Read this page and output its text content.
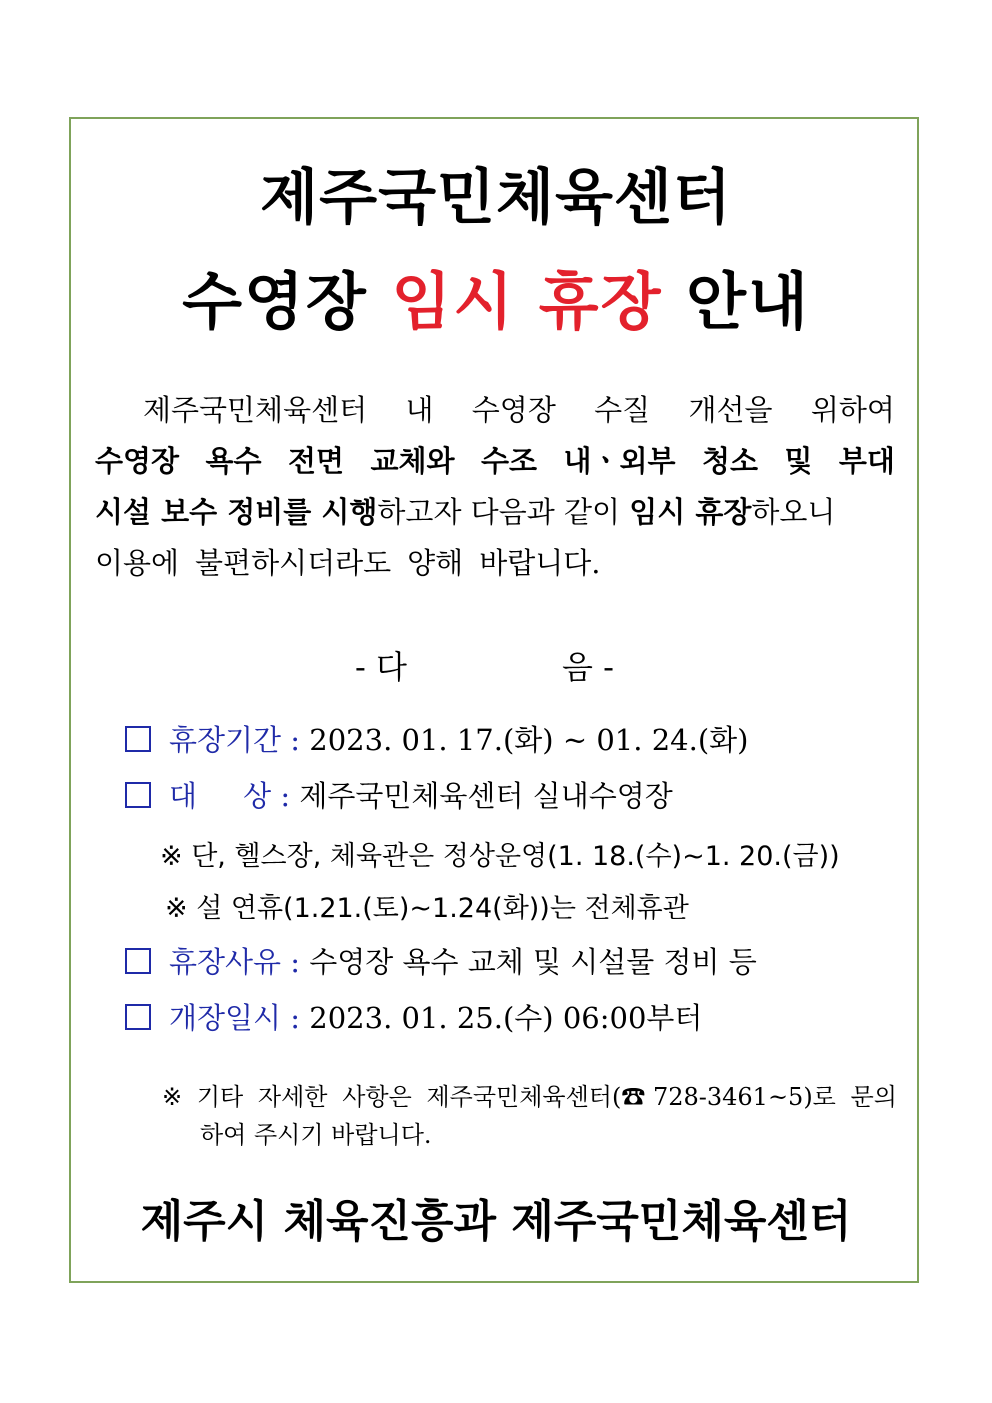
제주국민체육센터
수영장 임시 휴장 안내
제주국민체육센터 내 수영장 수질 개선을 위하여
수영장 욕수 전면 교체와 수조 내ㆍ외부 청소 및 부대
시설 보수 정비를 시행 하고자 다음과 같이 임시 휴장 하오니
이용에 불편하시더라도 양해 바랍니다.
- 다	음 -
휴장기간 : 2023. 01. 17.(화) ~ 01. 24.(화)
대     상 : 제주국민체육센터 실내수영장
※ 단, 헬스장, 체육관은 정상운영(1. 18.(수)~1. 20.(금))
※ 설 연휴(1.21.(토)~1.24(화))는 전체휴관
휴장사유 : 수영장 욕수 교체 및 시설물 정비 등
개장일시 : 2023. 01. 25.(수) 06:00부터
※ 기타 자세한 사항은 제주국민체육센터(☎ 728-3461~5)로 문의
하여 주시기 바랍니다.
제주시 체육진흥과 제주국민체육센터
